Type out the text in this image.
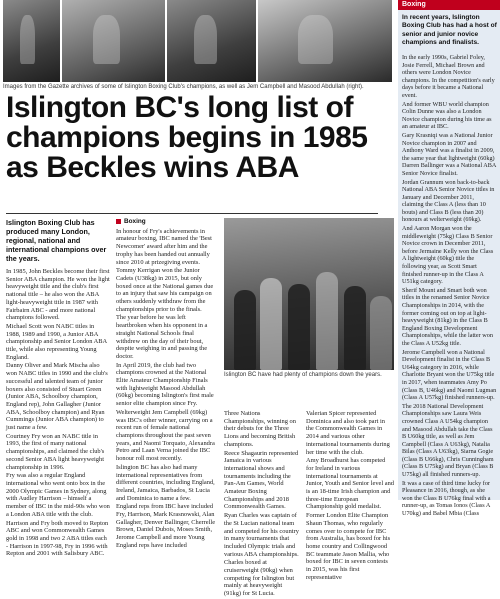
Images from the Gazette archives of some of Islington Boxing Club's champions, as well as Jem Campbell and Masood Abdullah (right).
Islington BC's long list of champions begins in 1985 as Beckles wins ABA
Islington Boxing Club has produced many London, regional, national and international champions over the years.

In 1985, John Beckles become their first Senior ABA champion. He won the light heavyweight title and the club's first national title – he also won the ABA light-heavyweight title in 1987 with Fairbairn ABC - and more national champions followed.

Michael Scott won NABC titles in 1988, 1989 and 1990, a Junior ABA championship and Senior London ABA title, while also representing Young England.

Danny Oliver and Mark Mischa also won NABC titles in 1990 and the club's successful and talented team of junior boxers also consisted of Stuart Green (Junior ABA, Schoolboy champion, England rep), John Gallagher (Junior ABA, Schoolboy champion) and Ryan Cummings (Junior ABA champion) to just name a few.

Courtney Fry won an NABC title in 1993, the first of many national championships, and claimed the club's second Senior ABA light heavyweight championship in 1996.

Fry was also a regular England international who went onto box in the 2000 Olympic Games in Sydney, along with Audley Harrison – himself a member of IBC in the mid-90s who won a London ABA title with the club.

Harrison and Fry both moved to Repton ABC and won Commonwealth Games gold in 1998 and two 2 ABA titles each - Harrison in 1997-98, Fry in 1996 with Repton and 2001 with Salisbury ABC.

Boxing

In honour of Fry's achievements in amateur boxing, IBC named the 'Best Newcomer' award after him and the trophy has been handed out annually since 2010 at prizegiving events.

Tommy Kerrigan won the Junior Cadets (U38kg) in 2015, but only boxed once at the National games due to an injury that saw his campaign on others suddenly withdraw from the championships prior to the finals.

The year before he was left heartbroken when his opponent in a straight National Schools final withdrew on the day of their bout, despite weighing in and passing the doctor.

In April 2019, the club had two champions crowned at the National Elite Amateur Championship Finals with lightweight Masood Abdullah (60kg) becoming Islington's first male senior elite champion since Fry.

Welterweight Jem Campbell (69kg) was IBC's other winner, carrying on a recent run of female national champions throughout the past seven years, and Naomi Torquato, Alexandra Petro and Laan Verna joined the IBC honour roll most recently.

Islington BC has also had many international representatives from different countries, including England, Ireland, Jamaica, Barbados, St Lucia and Dominica to name a few.

England reps from IBC have included Fry, Harrison, Mark Krasnowski, Alan Gallagher, Denver Ballinger, Cherrelle Brown, Daniel Dubois, Moses Smith, Jerome Campbell and more Young England reps have included

Islington BC have had plenty of champions down the years.

Three Nations Championships, winning on their debuts for the Three Lions and becoming British champions.

Reece Shagaurin represented Jamaica in various international shows and tournaments including the Pan-Am Games, World Amateur Boxing Championships and 2018 Commonwealth Games.

Ryan Charles was captain of the St Lucian national team and competed for his country in many tournaments that included Olympic trials and various ABA championships.

Charles boxed at cruiserweight (90kg) when competing for Islington but mainly at heavyweight (91kg) for St Lucia.

Valerian Spicer represented Dominica and also took part in the Commonwealth Games in 2014 and various other international tournaments during her time with the club.

Amy Broadhurst has competed for Ireland in various international tournaments at Junior, Youth and Senior level and is an 18-time Irish champion and three-time European Championship gold medalist.

Former London Elite Champion Shaun Thomas, who regularly comes over to compete for IBC from Australia, has boxed for his home country and Collingwood BC teammate Jason Mallia, who boxed for IBC in seven contests in 2015, was his first representative

Boxing
In recent years, Islington Boxing Club has had a host of senior and junior novice champions and finalists.

In the early 1990s, Gabriel Foley, Josie Ferrell, Michael Brown and others were London Novice champions. In the competition's early days before it became a National event.

And former WBU world champion Colin Dunne was also a London Novice champion during his time as an amateur at IBC.

Gary Krasniqi was a National Junior Novice champion in 2007 and Anthony Ward was a finalist in 2009, the same year that lightweight (60kg) Darren Ballinger was a National ABA Senior Novice finalist.

Jordan Grannum won back-to-back National ABA Senior Novice titles in January and December 2011, claiming the Class A (less than 10 bouts) and Class B (less than 20) honours at welterweight (69kg).

And Aaron Morgan won the middleweight (75kg) Class B Senior Novice crown in December 2011, before Jermaine Kelly won the Class A lightweight (60kg) title the following year, as Scott Smart finished runner-up in the Class A U51kg category.

Sherif Mount and Smart both won titles in the renamed Senior Novice Championships in 2014, with the former coming out on top at light-heavyweight (81kg) in the Class B England Boxing Development Championships, while the latter won the Class A U52kg title.

Jerome Campbell won a National Development finalist in the Class B U64kg category in 2016, while Charlotte Bryant won the U75kg title in 2017, when teammates Amy Po (Class B, U46kg) and Naomi Lugman (Class A U57kg) finished runners-up.

The 2018 National Development Championships saw Laura Weis crowned Class A U54kg champion and Masood Abdullah take the Class B U60kg title, as well as Jem Campbell (Class A U63kg), Natalia Bilas (Class A U63kg), Siarna Gogie (Class B U66kg), Chris Cunningham (Class B U75kg) and Bryan (Class B U75kg) all finished runners-up.

It was a case of third time lucky for Pleasance in 2016, though, as she won the Class B U76kg final with a runner-up, as Tomas Ionos (Class A U70kg) and Babel Mbia (Class
